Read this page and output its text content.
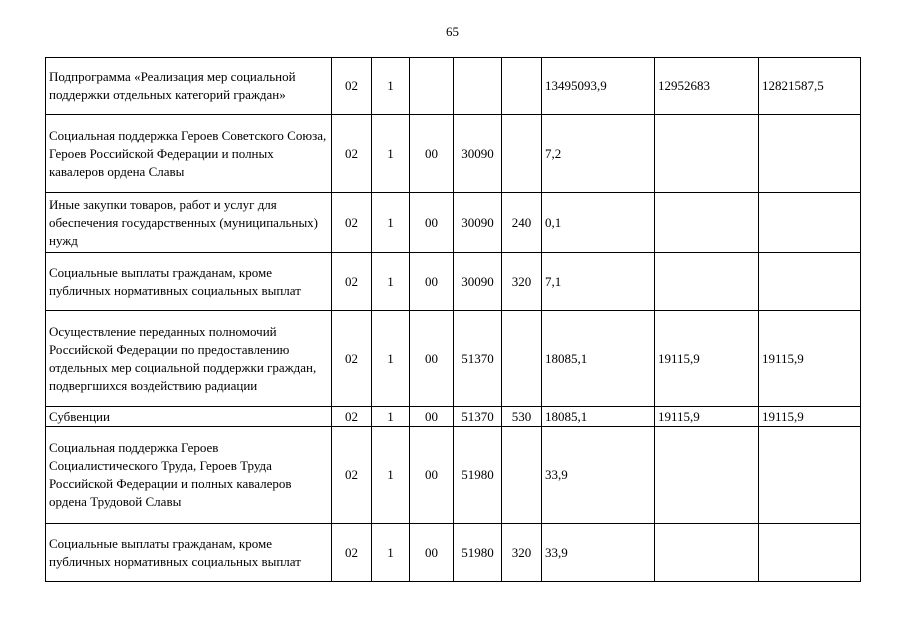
65
Подпрограмма «Реализация мер социальной поддержки отдельных категорий граждан»	02	1				13495093,9	12952683	12821587,5
Социальная поддержка Героев Советского Союза, Героев Российской Федерации и полных кавалеров ордена Славы	02	1	00	30090		7,2		
Иные закупки товаров, работ и услуг для обеспечения государственных (муниципальных) нужд	02	1	00	30090	240	0,1		
Социальные выплаты гражданам, кроме публичных нормативных социальных выплат	02	1	00	30090	320	7,1		
Осуществление переданных полномочий Российской Федерации по предоставлению отдельных мер социальной поддержки граждан, подвергшихся воздействию радиации	02	1	00	51370		18085,1	19115,9	19115,9
Субвенции	02	1	00	51370	530	18085,1	19115,9	19115,9
Социальная поддержка Героев Социалистического Труда, Героев Труда Российской Федерации и полных кавалеров ордена Трудовой Славы	02	1	00	51980		33,9		
Социальные выплаты гражданам, кроме публичных нормативных социальных выплат	02	1	00	51980	320	33,9		
